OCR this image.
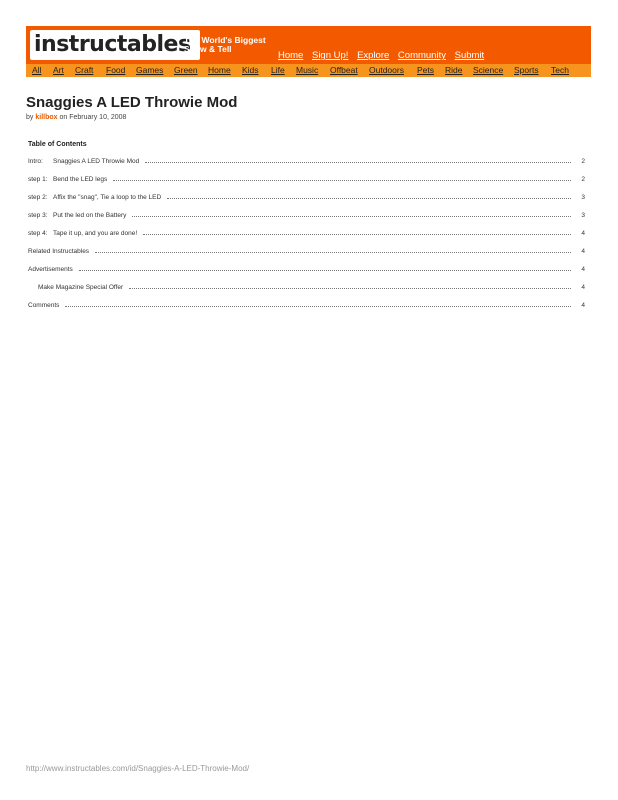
instructables
The World's Biggest
Show & Tell
Home Sign Up! Explore Community Submit
All Art Craft Food Games Green Home Kids Life Music Offbeat Outdoors Pets Ride Science Sports Tech
Snaggies A LED Throwie Mod
by killbox on February 10, 2008
Table of Contents
Intro: Snaggies A LED Throwie Mod	2
step 1: Bend the LED legs	2
step 2: Affix the "snag", Tie a loop to the LED	3
step 3: Put the led on the Battery	3
step 4: Tape it up, and you are done!	4
Related Instructables	4
Advertisements	4
Make Magazine Special Offer	4
Comments	4
http://www.instructables.com/id/Snaggies-A-LED-Throwie-Mod/
